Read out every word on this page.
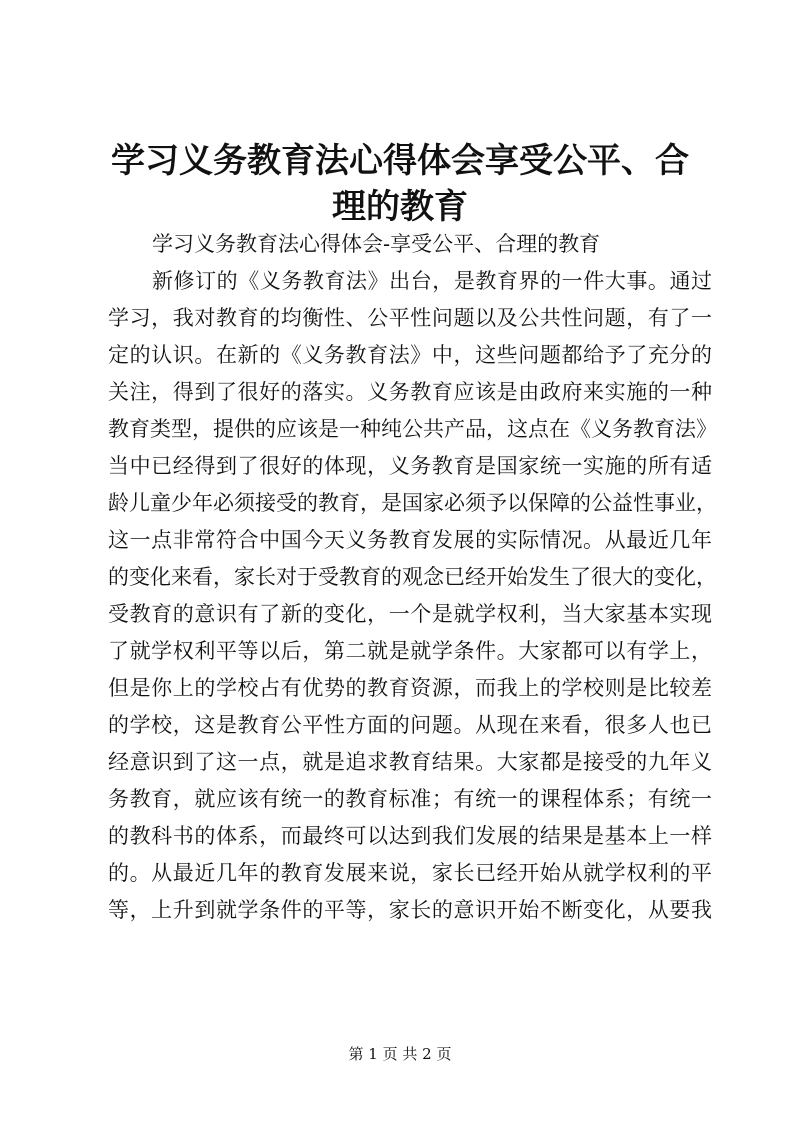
学习义务教育法心得体会享受公平、合理的教育

学习义务教育法心得体会-享受公平、合理的教育

新修订的《义务教育法》出台，是教育界的一件大事。通过

学习，我对教育的均衡性、公平性问题以及公共性问题，有了一

定的认识。在新的《义务教育法》中，这些问题都给予了充分的

关注，得到了很好的落实。义务教育应该是由政府来实施的一种

教育类型，提供的应该是一种纯公共产品，这点在《义务教育法》

当中已经得到了很好的体现，义务教育是国家统一实施的所有适

龄儿童少年必须接受的教育，是国家必须予以保障的公益性事业，

这一点非常符合中国今天义务教育发展的实际情况。从最近几年

的变化来看，家长对于受教育的观念已经开始发生了很大的变化，

受教育的意识有了新的变化，一个是就学权利，当大家基本实现

了就学权利平等以后，第二就是就学条件。大家都可以有学上，

但是你上的学校占有优势的教育资源，而我上的学校则是比较差

的学校，这是教育公平性方面的问题。从现在来看，很多人也已

经意识到了这一点，就是追求教育结果。大家都是接受的九年义

务教育，就应该有统一的教育标准；有统一的课程体系；有统一

的教科书的体系，而最终可以达到我们发展的结果是基本上一样

的。从最近几年的教育发展来说，家长已经开始从就学权利的平

等，上升到就学条件的平等，家长的意识开始不断变化，从要我

第 1 页 共 2 页
